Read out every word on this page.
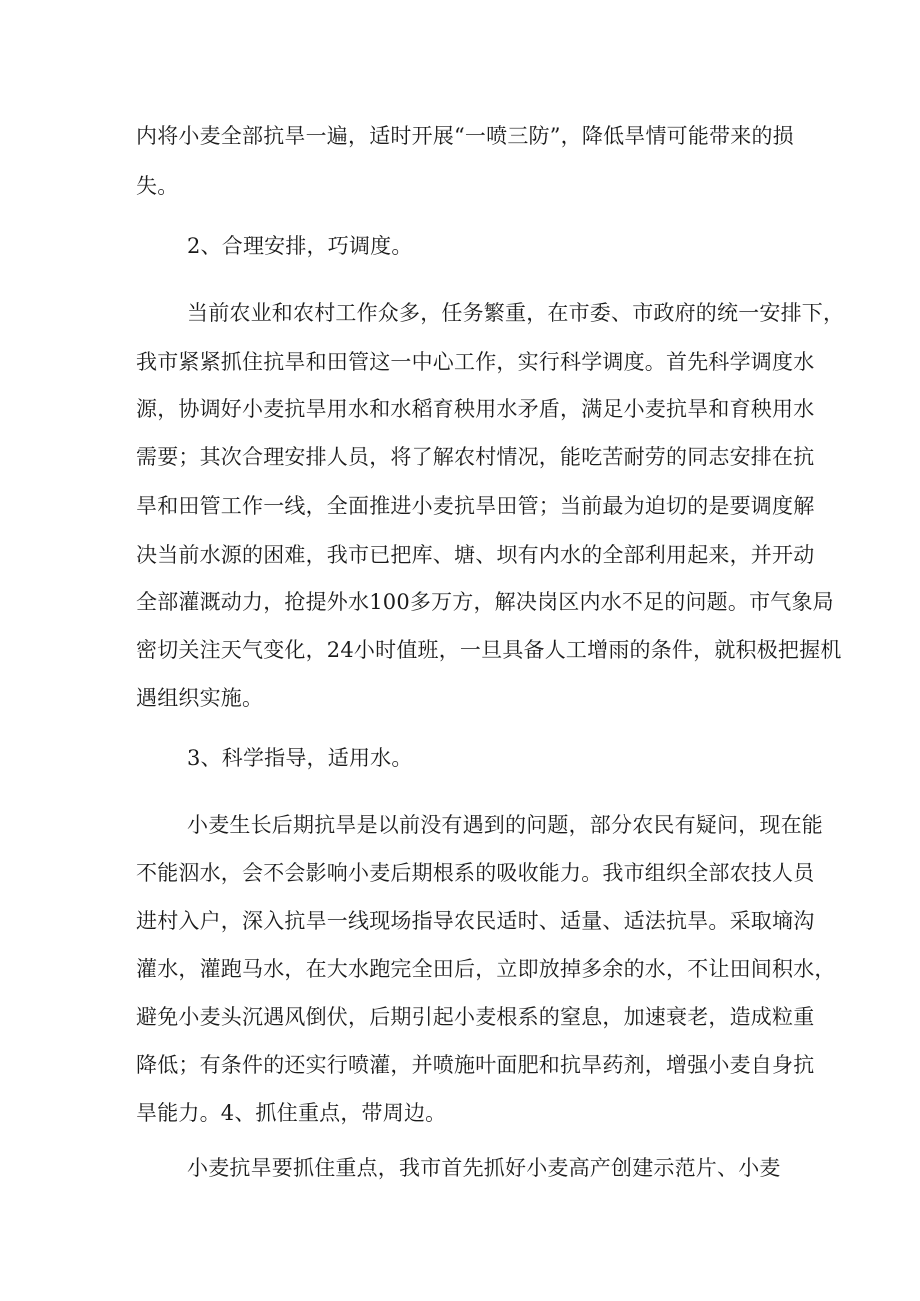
内将小麦全部抗旱一遍，适时开展“一喷三防”，降低旱情可能带来的损
失。
2、合理安排，巧调度。
当前农业和农村工作众多，任务繁重，在市委、市政府的统一安排下，
我市紧紧抓住抗旱和田管这一中心工作，实行科学调度。首先科学调度水
源，协调好小麦抗旱用水和水稻育秧用水矛盾，满足小麦抗旱和育秧用水
需要；其次合理安排人员，将了解农村情况，能吃苦耐劳的同志安排在抗
旱和田管工作一线，全面推进小麦抗旱田管；当前最为迫切的是要调度解
决当前水源的困难，我市已把库、塘、坝有内水的全部利用起来，并开动
全部灌溉动力，抢提外水100多万方，解决岗区内水不足的问题。市气象局
密切关注天气变化，24小时值班，一旦具备人工增雨的条件，就积极把握机
遇组织实施。
3、科学指导，适用水。
小麦生长后期抗旱是以前没有遇到的问题，部分农民有疑问，现在能
不能泅水，会不会影响小麦后期根系的吸收能力。我市组织全部农技人员
进村入户，深入抗旱一线现场指导农民适时、适量、适法抗旱。采取墒沟
灌水，灌跑马水，在大水跑完全田后，立即放掉多余的水，不让田间积水，
避免小麦头沉遇风倒伏，后期引起小麦根系的窒息，加速衰老，造成粒重
降低；有条件的还实行喷灌，并喷施叶面肥和抗旱药剂，增强小麦自身抗
旱能力。4、抓住重点，带周边。
小麦抗旱要抓住重点，我市首先抓好小麦高产创建示范片、小麦
